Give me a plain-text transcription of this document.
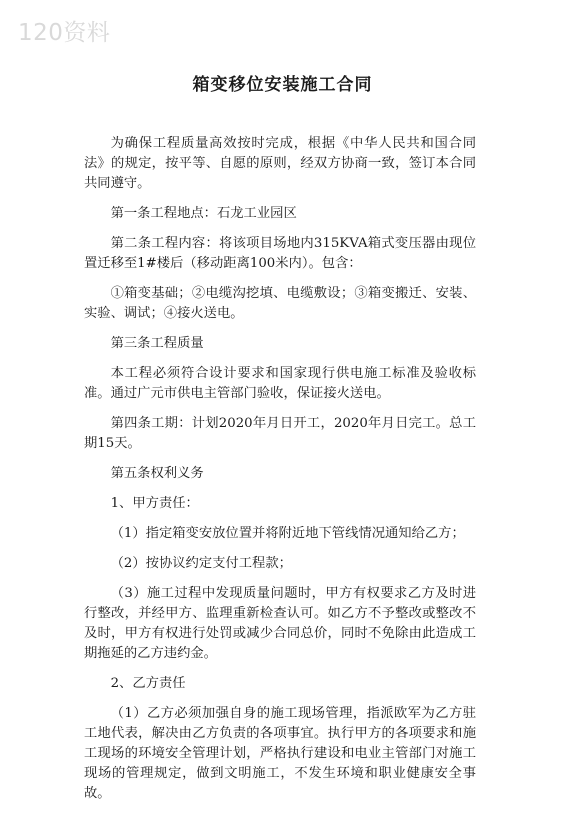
120资料
箱变移位安装施工合同

为确保工程质量高效按时完成，根据《中华人民共和国合同法》的规定，按平等、自愿的原则，经双方协商一致，签订本合同共同遵守。

第一条工程地点：石龙工业园区

第二条工程内容：将该项目场地内315KVA箱式变压器由现位置迁移至1#楼后（移动距离100米内）。包含：

①箱变基础；②电缆沟挖填、电缆敷设；③箱变搬迁、安装、实验、调试；④接火送电。

第三条工程质量

本工程必须符合设计要求和国家现行供电施工标准及验收标准。通过广元市供电主管部门验收，保证接火送电。

第四条工期：计划2020年月日开工，2020年月日完工。总工期15天。

第五条权利义务

1、甲方责任：

（1）指定箱变安放位置并将附近地下管线情况通知给乙方；

（2）按协议约定支付工程款；

（3）施工过程中发现质量问题时，甲方有权要求乙方及时进行整改，并经甲方、监理重新检查认可。如乙方不予整改或整改不及时，甲方有权进行处罚或减少合同总价，同时不免除由此造成工期拖延的乙方违约金。

2、乙方责任

（1）乙方必须加强自身的施工现场管理，指派欧军为乙方驻工地代表，解决由乙方负责的各项事宜。执行甲方的各项要求和施工现场的环境安全管理计划，严格执行建设和电业主管部门对施工现场的管理规定，做到文明施工，不发生环境和职业健康安全事故。
